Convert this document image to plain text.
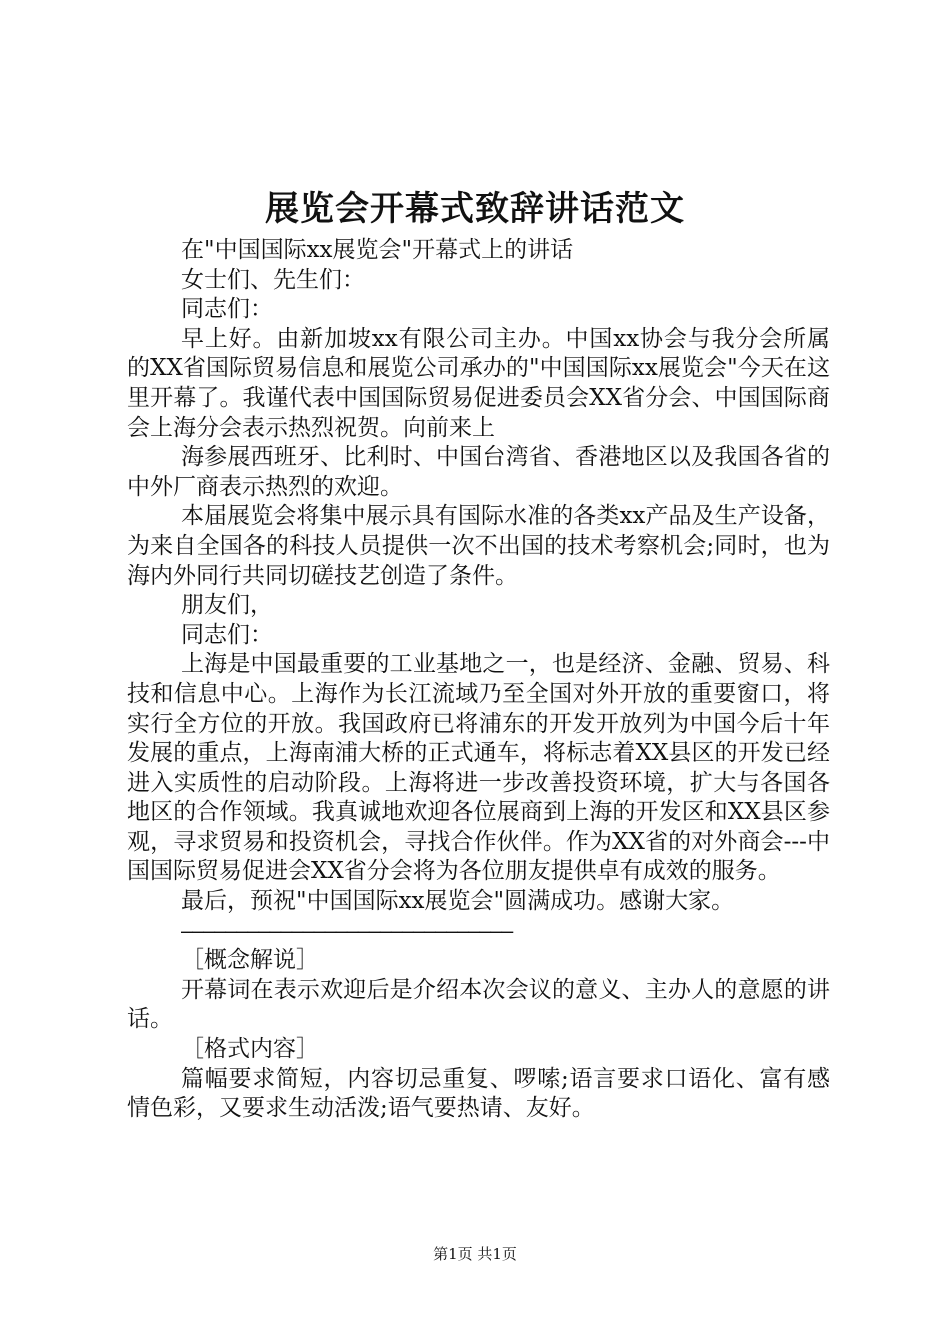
展览会开幕式致辞讲话范文

在"中国国际xx展览会"开幕式上的讲话

女士们、先生们：

同志们：

早上好。由新加坡xx有限公司主办。中国xx协会与我分会所属的XX省国际贸易信息和展览公司承办的"中国国际xx展览会"今天在这里开幕了。我谨代表中国国际贸易促进委员会XX省分会、中国国际商会上海分会表示热烈祝贺。向前来上

海参展西班牙、比利时、中国台湾省、香港地区以及我国各省的中外厂商表示热烈的欢迎。

本届展览会将集中展示具有国际水准的各类xx产品及生产设备，为来自全国各的科技人员提供一次不出国的技术考察机会;同时，也为海内外同行共同切磋技艺创造了条件。

朋友们，

同志们：

上海是中国最重要的工业基地之一，也是经济、金融、贸易、科技和信息中心。上海作为长江流域乃至全国对外开放的重要窗口，将实行全方位的开放。我国政府已将浦东的开发开放列为中国今后十年发展的重点，上海南浦大桥的正式通车，将标志着XX县区的开发已经进入实质性的启动阶段。上海将进一步改善投资环境，扩大与各国各地区的合作领域。我真诚地欢迎各位展商到上海的开发区和XX县区参观，寻求贸易和投资机会，寻找合作伙伴。作为XX省的对外商会---中国国际贸易促进会XX省分会将为各位朋友提供卓有成效的服务。

最后，预祝"中国国际xx展览会"圆满成功。感谢大家。

——————————————————————————————

［概念解说］

开幕词在表示欢迎后是介绍本次会议的意义、主办人的意愿的讲话。

［格式内容］

篇幅要求简短，内容切忌重复、啰嗦;语言要求口语化、富有感情色彩，又要求生动活泼;语气要热请、友好。

第1页 共1页
